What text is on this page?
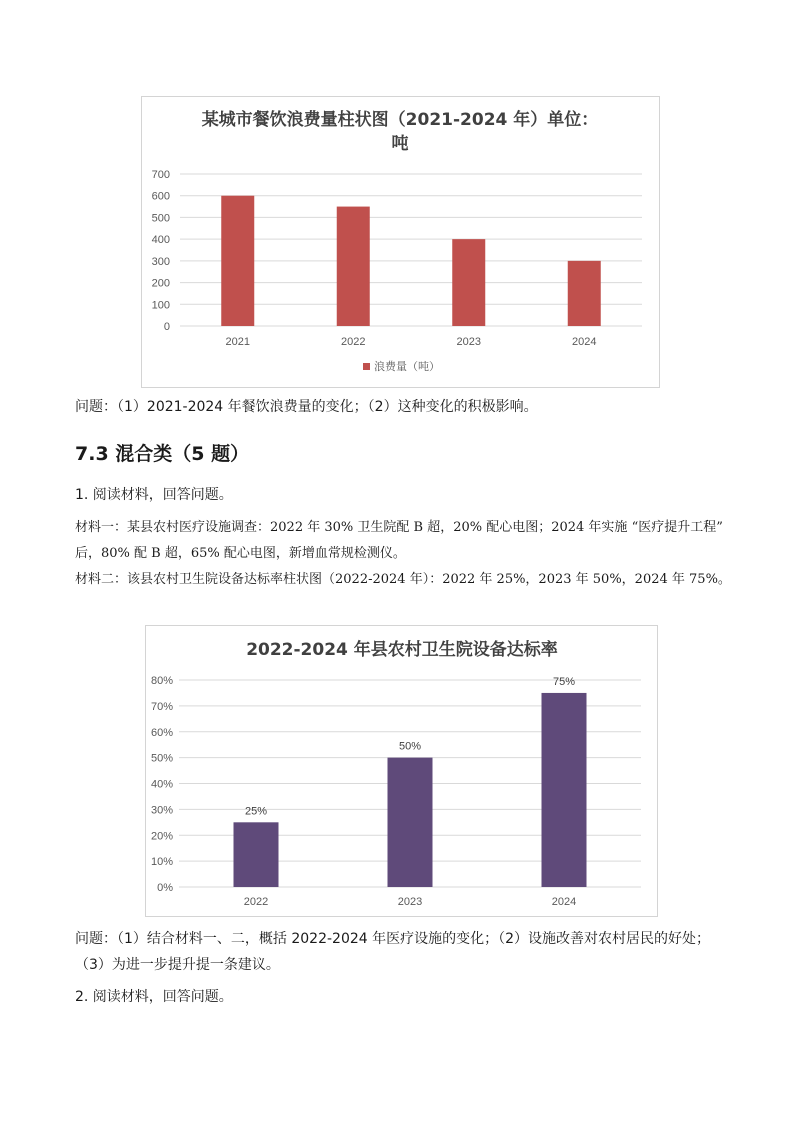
某城市餐饮浪费量柱状图（2021-2024 年）单位：
吨
0
100
200
300
400
500
600
700
2021	2022	2023	2024
浪费量（吨）
问题：（1）2021-2024 年餐饮浪费量的变化；（2）这种变化的积极影响。
7.3 混合类（5 题）
1. 阅读材料，回答问题。
材料一：某县农村医疗设施调查：2022 年 30% 卫生院配 B 超，20% 配心电图；2024 年实施 “医疗提升工程” 后，80% 配 B 超，65% 配心电图，新增血常规检测仪。
材料二：该县农村卫生院设备达标率柱状图（2022-2024 年）：2022 年 25%，2023 年 50%，2024 年 75%。
2022-2024 年县农村卫生院设备达标率
0%
10%
20%
30%
40%
50%
60%
70%
80%
25%
2022
50%
2023
75%
2024
问题：（1）结合材料一、二，概括 2022-2024 年医疗设施的变化；（2）设施改善对农村居民的好处；（3）为进一步提升提一条建议。
2. 阅读材料，回答问题。
